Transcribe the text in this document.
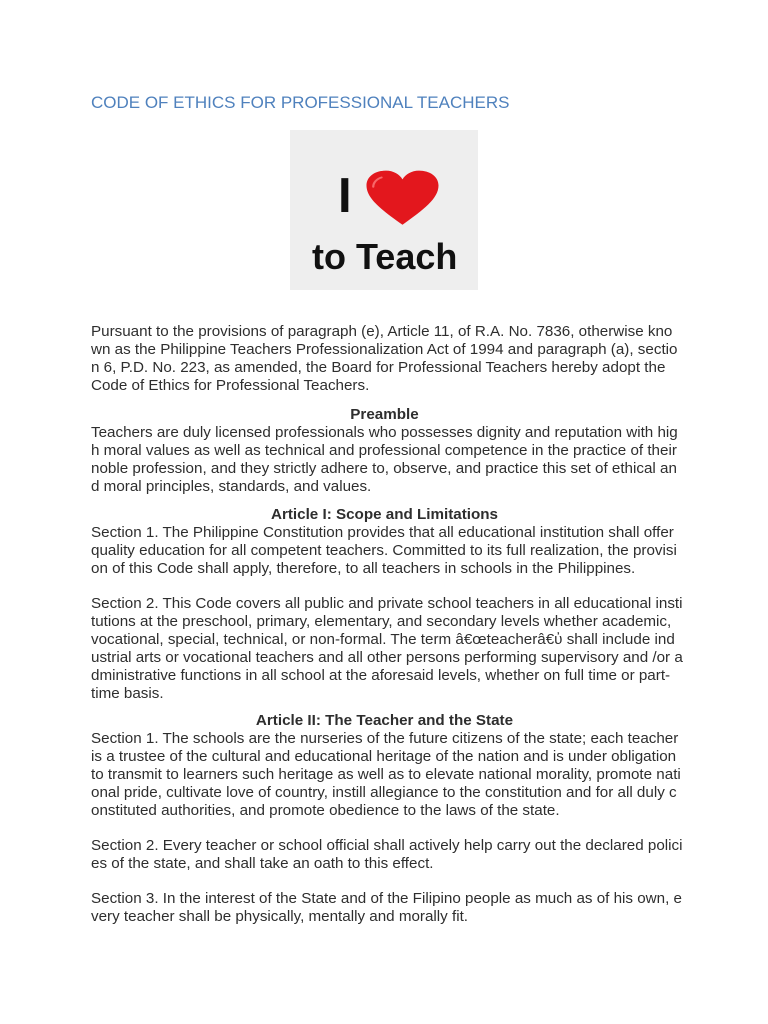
CODE OF ETHICS FOR PROFESSIONAL TEACHERS
I
to Teach
Pursuant to the provisions of paragraph (e), Article 11, of R.A. No. 7836, otherwise kno
wn as the Philippine Teachers Professionalization Act of 1994 and paragraph (a), sectio
n 6, P.D. No. 223, as amended, the Board for Professional Teachers hereby adopt the
Code of Ethics for Professional Teachers.
Preamble
Teachers are duly licensed professionals who possesses dignity and reputation with hig
h moral values as well as technical and professional competence in the practice of their
noble profession, and they strictly adhere to, observe, and practice this set of ethical an
d moral principles, standards, and values.
Article I: Scope and Limitations
Section 1. The Philippine Constitution provides that all educational institution shall offer
quality education for all competent teachers. Committed to its full realization, the provisi
on of this Code shall apply, therefore, to all teachers in schools in the Philippines.
Section 2. This Code covers all public and private school teachers in all educational insti
tutions at the preschool, primary, elementary, and secondary levels whether academic,
vocational, special, technical, or non-formal. The term â€œteacherâ€ὐ shall include ind
ustrial arts or vocational teachers and all other persons performing supervisory and /or a
dministrative functions in all school at the aforesaid levels, whether on full time or part-
time basis.
Article II: The Teacher and the State
Section 1. The schools are the nurseries of the future citizens of the state; each teacher
is a trustee of the cultural and educational heritage of the nation and is under obligation
to transmit to learners such heritage as well as to elevate national morality, promote nati
onal pride, cultivate love of country, instill allegiance to the constitution and for all duly c
onstituted authorities, and promote obedience to the laws of the state.
Section 2. Every teacher or school official shall actively help carry out the declared polici
es of the state, and shall take an oath to this effect.
Section 3. In the interest of the State and of the Filipino people as much as of his own, e
very teacher shall be physically, mentally and morally fit.
